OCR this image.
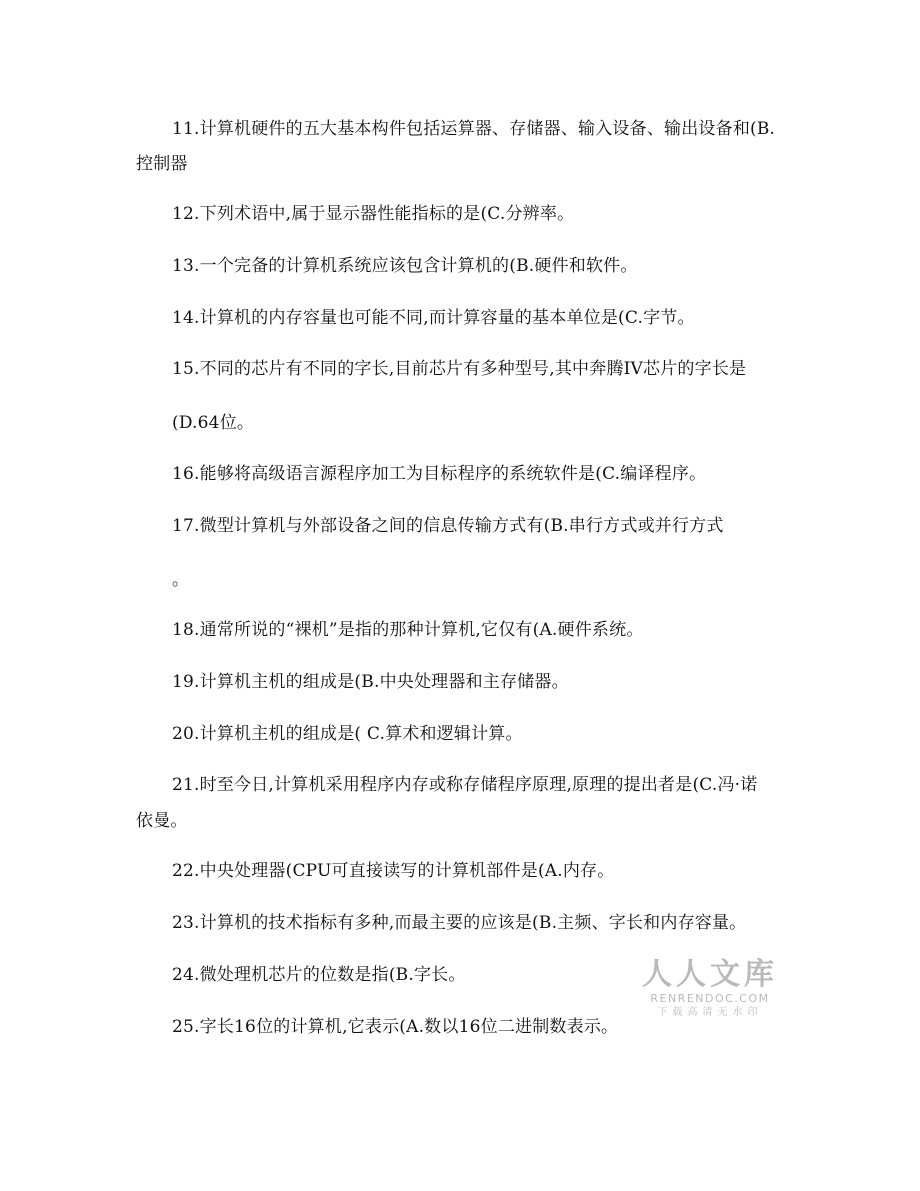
11.计算机硬件的五大基本构件包括运算器、存储器、输入设备、输出设备和(B.
控制器
12.下列术语中,属于显示器性能指标的是(C.分辨率。
13.一个完备的计算机系统应该包含计算机的(B.硬件和软件。
14.计算机的内存容量也可能不同,而计算容量的基本单位是(C.字节。
15.不同的芯片有不同的字长,目前芯片有多种型号,其中奔腾IV芯片的字长是
(D.64位。
16.能够将高级语言源程序加工为目标程序的系统软件是(C.编译程序。
17.微型计算机与外部设备之间的信息传输方式有(B.串行方式或并行方式
。
18.通常所说的“裸机”是指的那种计算机,它仅有(A.硬件系统。
19.计算机主机的组成是(B.中央处理器和主存储器。
20.计算机主机的组成是( C.算术和逻辑计算。
21.时至今日,计算机采用程序内存或称存储程序原理,原理的提出者是(C.冯·诺
依曼。
22.中央处理器(CPU可直接读写的计算机部件是(A.内存。
23.计算机的技术指标有多种,而最主要的应该是(B.主频、字长和内存容量。
24.微处理机芯片的位数是指(B.字长。
25.字长16位的计算机,它表示(A.数以16位二进制数表示。
人人文库
RENRENDOC.COM
下载高清无水印
